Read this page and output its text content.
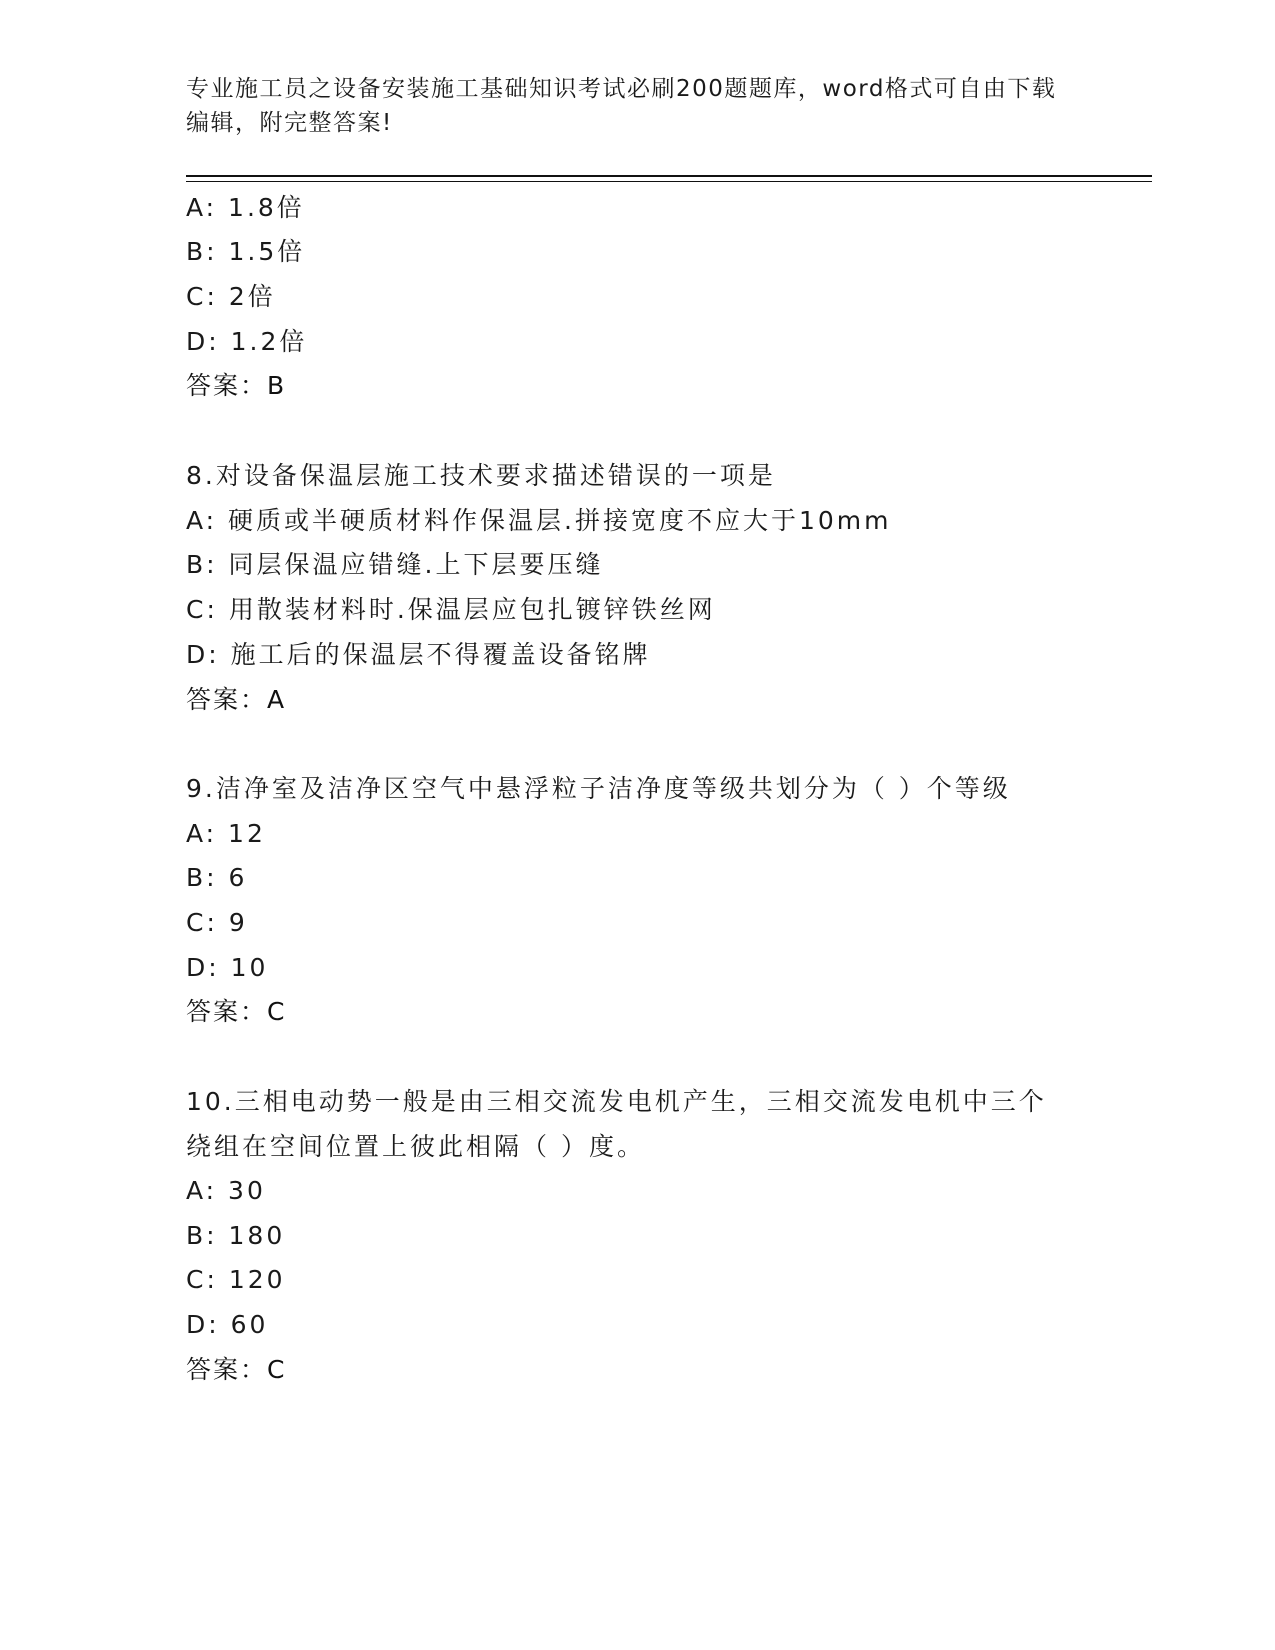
专业施工员之设备安装施工基础知识考试必刷200题题库，word格式可自由下载编辑，附完整答案!
A: 1.8倍
B: 1.5倍
C: 2倍
D: 1.2倍
答案：B
8.对设备保温层施工技术要求描述错误的一项是
A: 硬质或半硬质材料作保温层.拼接宽度不应大于10mm
B: 同层保温应错缝.上下层要压缝
C: 用散装材料时.保温层应包扎镀锌铁丝网
D: 施工后的保温层不得覆盖设备铭牌
答案：A
9.洁净室及洁净区空气中悬浮粒子洁净度等级共划分为（ ）个等级
A: 12
B: 6
C: 9
D: 10
答案：C
10.三相电动势一般是由三相交流发电机产生，三相交流发电机中三个
绕组在空间位置上彼此相隔（ ）度。
A: 30
B: 180
C: 120
D: 60
答案：C
